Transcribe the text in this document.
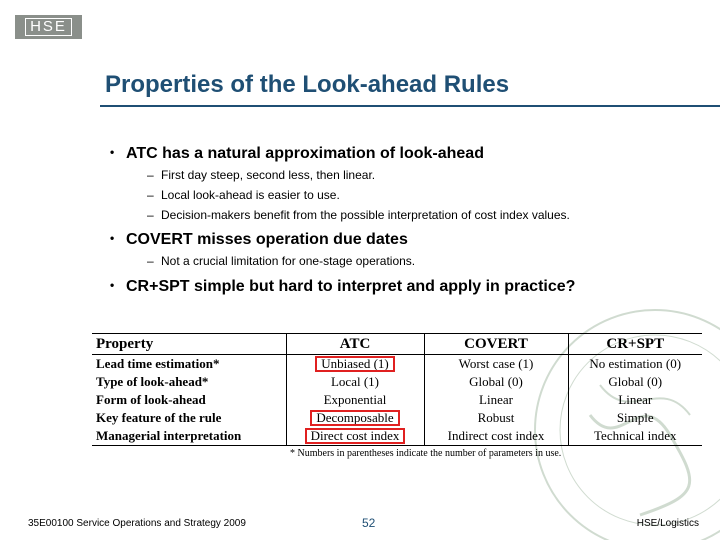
HSE
Properties of the Look-ahead Rules
• ATC has a natural approximation of look-ahead
– First day steep, second less, then linear.
– Local look-ahead is easier to use.
– Decision-makers benefit from the possible interpretation of cost index values.
• COVERT misses operation due dates
– Not a crucial limitation for one-stage operations.
• CR+SPT simple but hard to interpret and apply in practice?
Property	ATC	COVERT	CR+SPT
Lead time estimation*	Unbiased (1)	Worst case (1)	No estimation (0)
Type of look-ahead*	Local (1)	Global (0)	Global (0)
Form of look-ahead	Exponential	Linear	Linear
Key feature of the rule	Decomposable	Robust	Simple
Managerial interpretation	Direct cost index	Indirect cost index	Technical index
* Numbers in parentheses indicate the number of parameters in use.
35E00100 Service Operations and Strategy 2009	52	HSE/Logistics
